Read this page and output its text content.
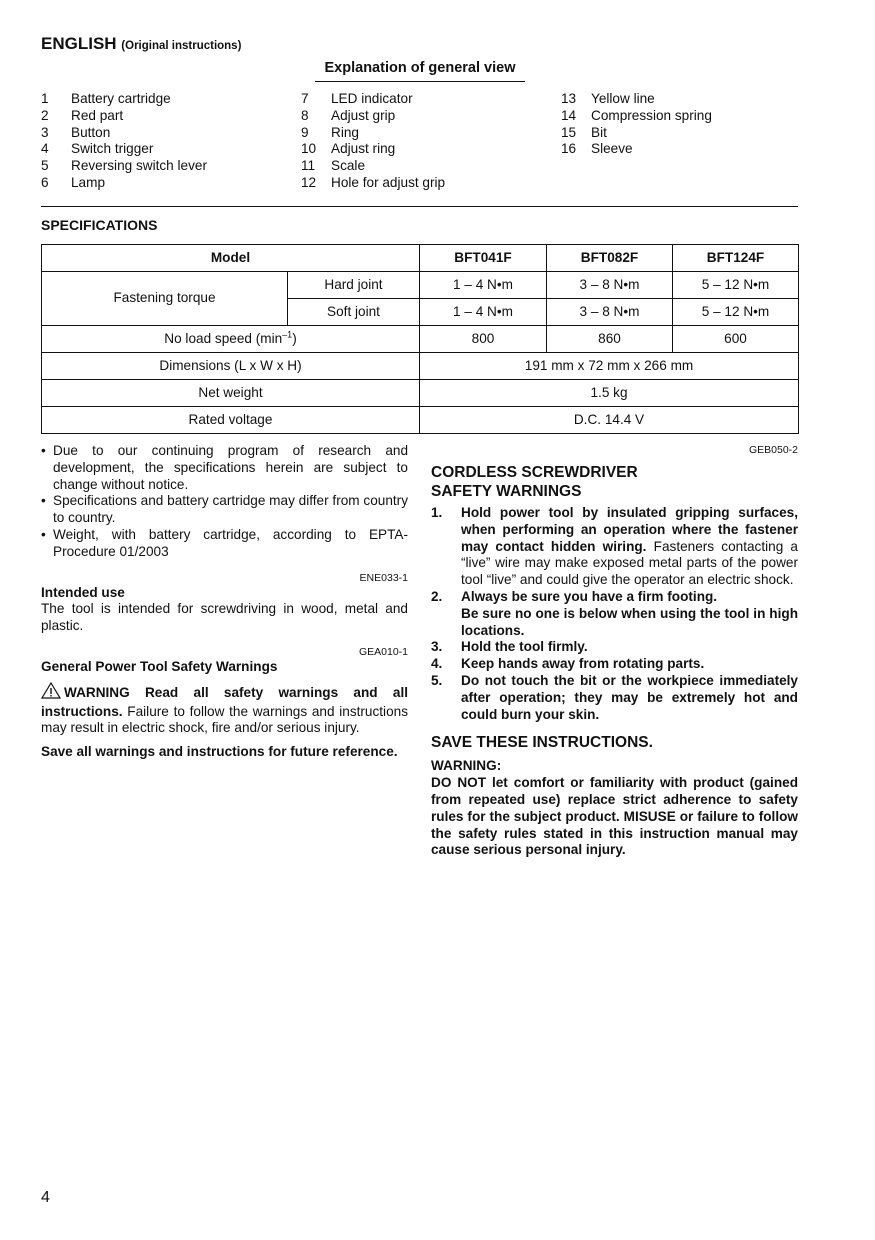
ENGLISH (Original instructions)
Explanation of general view
1 Battery cartridge
2 Red part
3 Button
4 Switch trigger
5 Reversing switch lever
6 Lamp
7 LED indicator
8 Adjust grip
9 Ring
10 Adjust ring
11 Scale
12 Hole for adjust grip
13 Yellow line
14 Compression spring
15 Bit
16 Sleeve
SPECIFICATIONS
Model		BFT041F	BFT082F	BFT124F
Fastening torque	Hard joint	1 – 4 N•m	3 – 8 N•m	5 – 12 N•m
	Soft joint	1 – 4 N•m	3 – 8 N•m	5 – 12 N•m
No load speed $(\min^{-1})$		800	860	600
Dimensions (L x W x H)		191 mm x 72 mm x 266 mm		
Net weight		1.5 kg		
Rated voltage		D.C. 14.4 V		
• Due to our continuing program of research and development, the specifications herein are subject to change without notice.
• Specifications and battery cartridge may differ from country to country.
• Weight, with battery cartridge, according to EPTA-Procedure 01/2003
ENE033-1
Intended use

The tool is intended for screwdriving in wood, metal and plastic.

GEA010-1
General Power Tool Safety Warnings

WARNING Read all safety warnings and all instructions. Failure to follow the warnings and instructions may result in electric shock, fire and/or serious injury.

Save all warnings and instructions for future reference.

GEB050-2
CORDLESS SCREWDRIVER
SAFETY WARNINGS
1. Hold power tool by insulated gripping surfaces, when performing an operation where the fastener may contact hidden wiring. Fasteners contacting a “live” wire may make exposed metal parts of the power tool “live” and could give the operator an electric shock.
2. Always be sure you have a firm footing.
Be sure no one is below when using the tool in high locations.
3. Hold the tool firmly.
4. Keep hands away from rotating parts.
5. Do not touch the bit or the workpiece immediately after operation; they may be extremely hot and could burn your skin.
SAVE THESE INSTRUCTIONS.
WARNING:

DO NOT let comfort or familiarity with product (gained from repeated use) replace strict adherence to safety rules for the subject product. MISUSE or failure to follow the safety rules stated in this instruction manual may cause serious personal injury.

4
